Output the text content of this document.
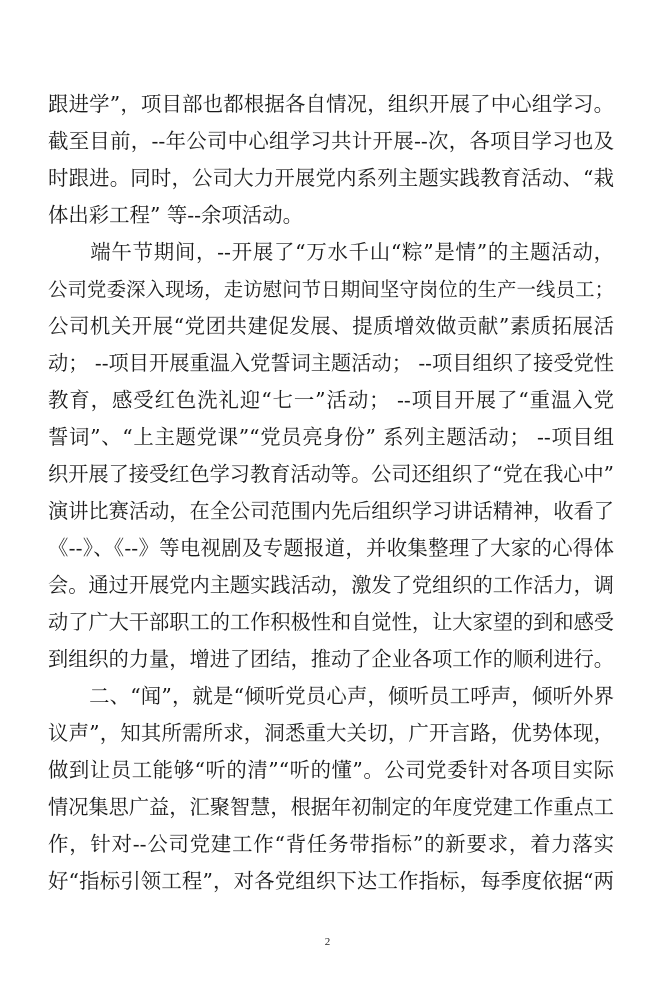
跟进学”，项目部也都根据各自情况，组织开展了中心组学习。
截至目前，--年公司中心组学习共计开展--次，各项目学习也及
时跟进。同时，公司大力开展党内系列主题实践教育活动、“栽
体出彩工程” 等--余项活动。
　　端午节期间，--开展了“万水千山“粽”是情”的主题活动，
公司党委深入现场，走访慰问节日期间坚守岗位的生产一线员工；
公司机关开展“党团共建促发展、提质增效做贡献”素质拓展活
动； --项目开展重温入党誓词主题活动； --项目组织了接受党性
教育，感受红色洗礼迎“七一”活动； --项目开展了“重温入党
誓词”、“上主题党课”“党员亮身份” 系列主题活动； --项目组
织开展了接受红色学习教育活动等。公司还组织了“党在我心中”
演讲比赛活动，在全公司范围内先后组织学习讲话精神，收看了
《--》、《--》等电视剧及专题报道，并收集整理了大家的心得体
会。通过开展党内主题实践活动，激发了党组织的工作活力，调
动了广大干部职工的工作积极性和自觉性，让大家望的到和感受
到组织的力量，增进了团结，推动了企业各项工作的顺利进行。
　　二、“闻”，就是“倾听党员心声，倾听员工呼声，倾听外界
议声”，知其所需所求，洞悉重大关切，广开言路，优势体现，
做到让员工能够“听的清”“听的懂”。公司党委针对各项目实际
情况集思广益，汇聚智慧，根据年初制定的年度党建工作重点工
作，针对--公司党建工作“背任务带指标”的新要求，着力落实
好“指标引领工程”，对各党组织下达工作指标，每季度依据“两
2
